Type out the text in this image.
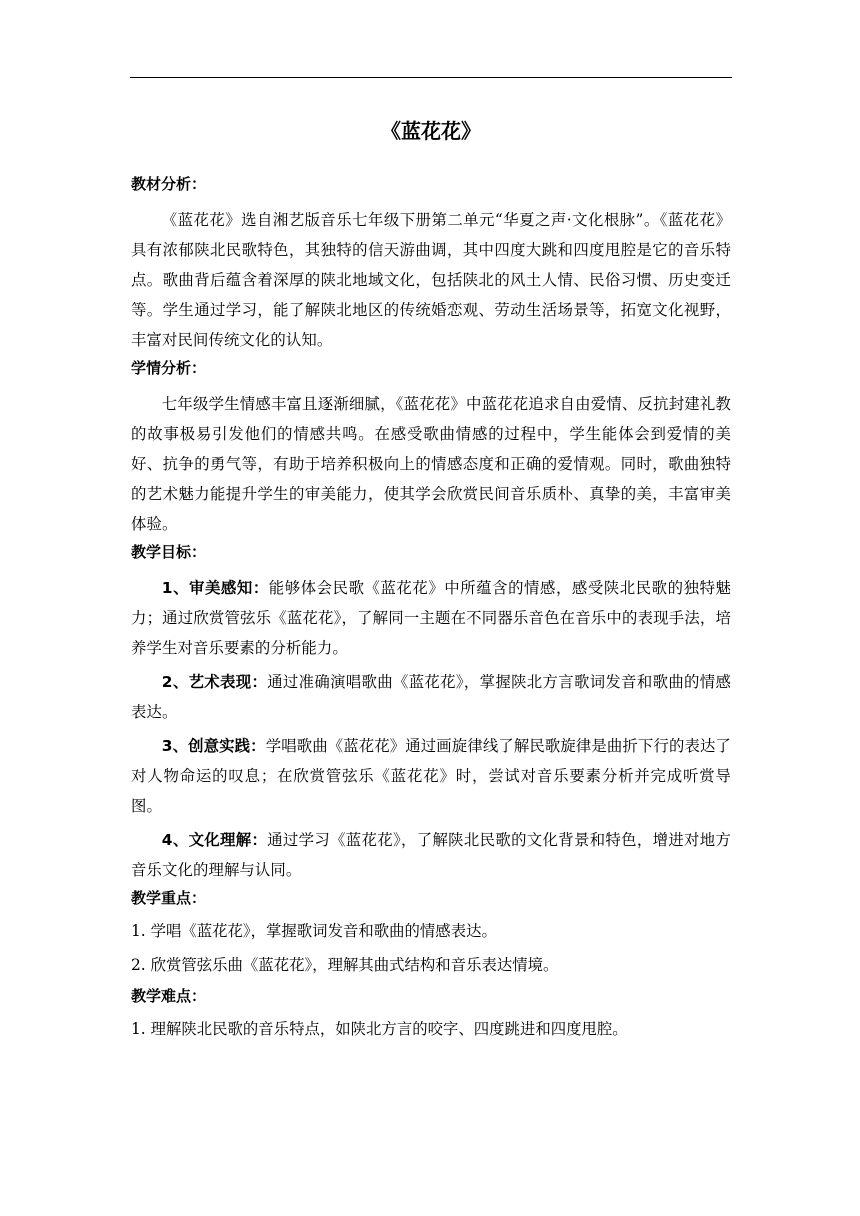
《蓝花花》
教材分析：

《蓝花花》选自湘艺版音乐七年级下册第二单元“华夏之声·文化根脉”。《蓝花花》具有浓郁陕北民歌特色，其独特的信天游曲调，其中四度大跳和四度甩腔是它的音乐特点。歌曲背后蕴含着深厚的陕北地域文化，包括陕北的风土人情、民俗习惯、历史变迁等。学生通过学习，能了解陕北地区的传统婚恋观、劳动生活场景等，拓宽文化视野，丰富对民间传统文化的认知。

学情分析：

七年级学生情感丰富且逐渐细腻，《蓝花花》中蓝花花追求自由爱情、反抗封建礼教的故事极易引发他们的情感共鸣。在感受歌曲情感的过程中，学生能体会到爱情的美好、抗争的勇气等，有助于培养积极向上的情感态度和正确的爱情观。同时，歌曲独特的艺术魅力能提升学生的审美能力，使其学会欣赏民间音乐质朴、真挚的美，丰富审美体验。

教学目标：

1、审美感知：能够体会民歌《蓝花花》中所蕴含的情感，感受陕北民歌的独特魅力；通过欣赏管弦乐《蓝花花》，了解同一主题在不同器乐音色在音乐中的表现手法，培养学生对音乐要素的分析能力。

2、艺术表现：通过准确演唱歌曲《蓝花花》，掌握陕北方言歌词发音和歌曲的情感表达。

3、创意实践：学唱歌曲《蓝花花》通过画旋律线了解民歌旋律是曲折下行的表达了对人物命运的叹息；在欣赏管弦乐《蓝花花》时，尝试对音乐要素分析并完成听赏导图。

4、文化理解：通过学习《蓝花花》，了解陕北民歌的文化背景和特色，增进对地方音乐文化的理解与认同。

教学重点：
1. 学唱《蓝花花》，掌握歌词发音和歌曲的情感表达。
2. 欣赏管弦乐曲《蓝花花》，理解其曲式结构和音乐表达情境。
教学难点：
1. 理解陕北民歌的音乐特点，如陕北方言的咬字、四度跳进和四度甩腔。
